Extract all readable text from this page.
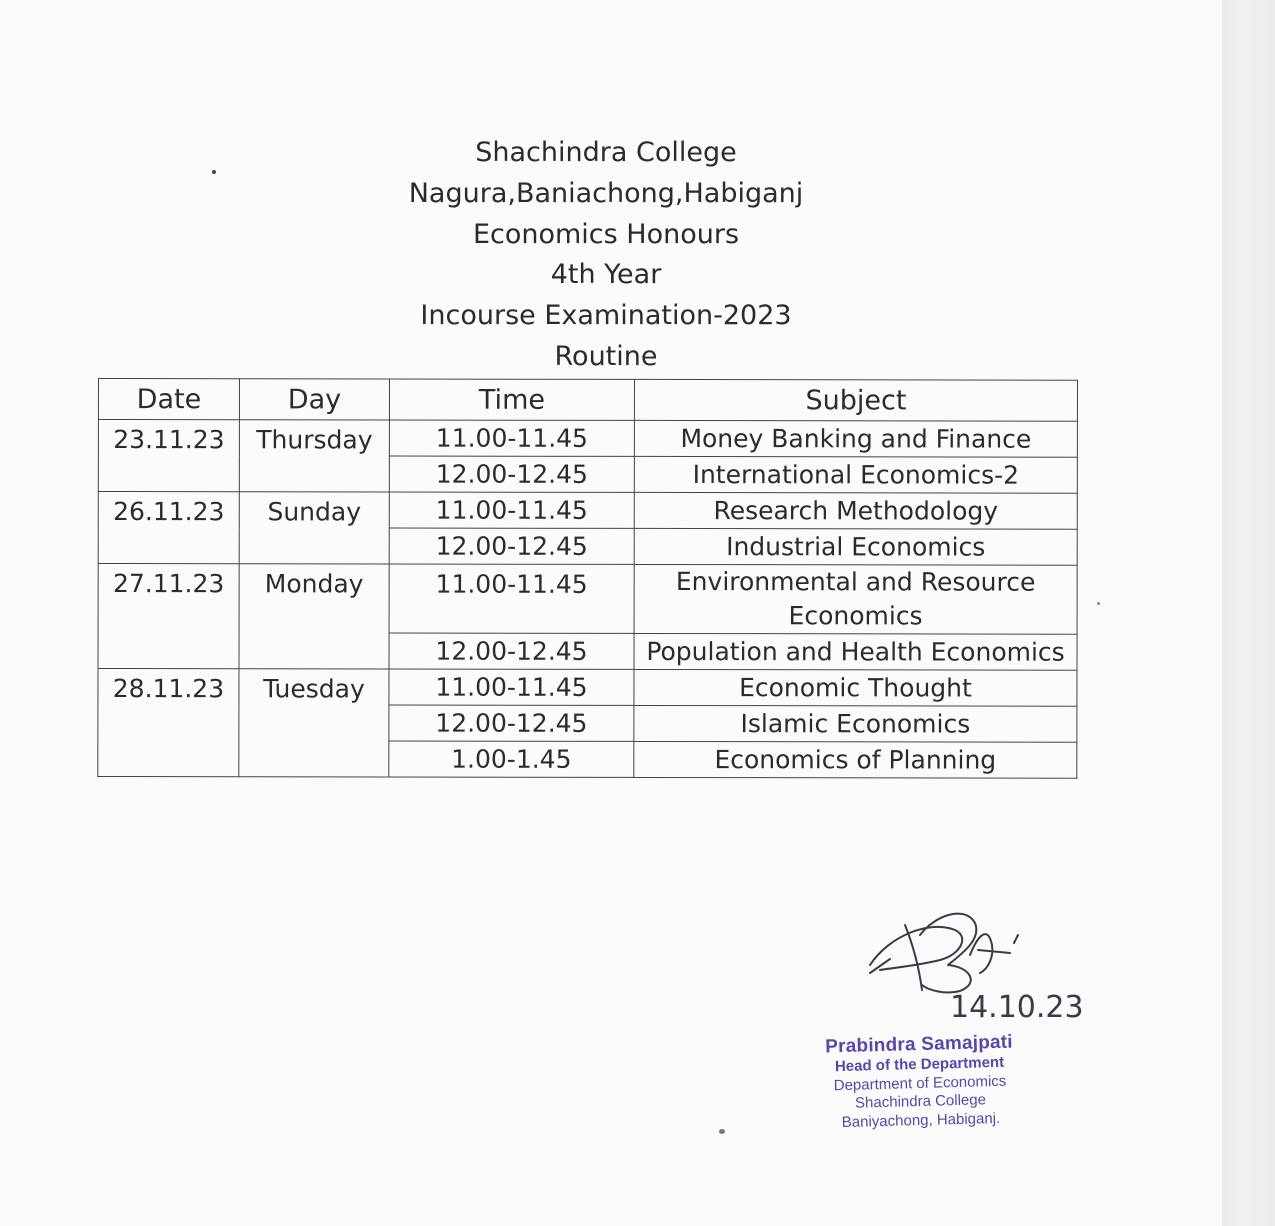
Shachindra College
Nagura,Baniachong,Habiganj
Economics Honours
4th Year
Incourse Examination-2023
Routine
Date	Day	Time	Subject
23.11.23	Thursday	11.00-11.45	Money Banking and Finance
		12.00-12.45	International Economics-2
26.11.23	Sunday	11.00-11.45	Research Methodology
		12.00-12.45	Industrial Economics
27.11.23	Monday	11.00-11.45	Environmental and Resource Economics
		12.00-12.45	Population and Health Economics
28.11.23	Tuesday	11.00-11.45	Economic Thought
		12.00-12.45	Islamic Economics
		1.00-1.45	Economics of Planning
14.10.23
Prabindra Samajpati
Head of the Department
Department of Economics
Shachindra College
Baniyachong, Habiganj.
